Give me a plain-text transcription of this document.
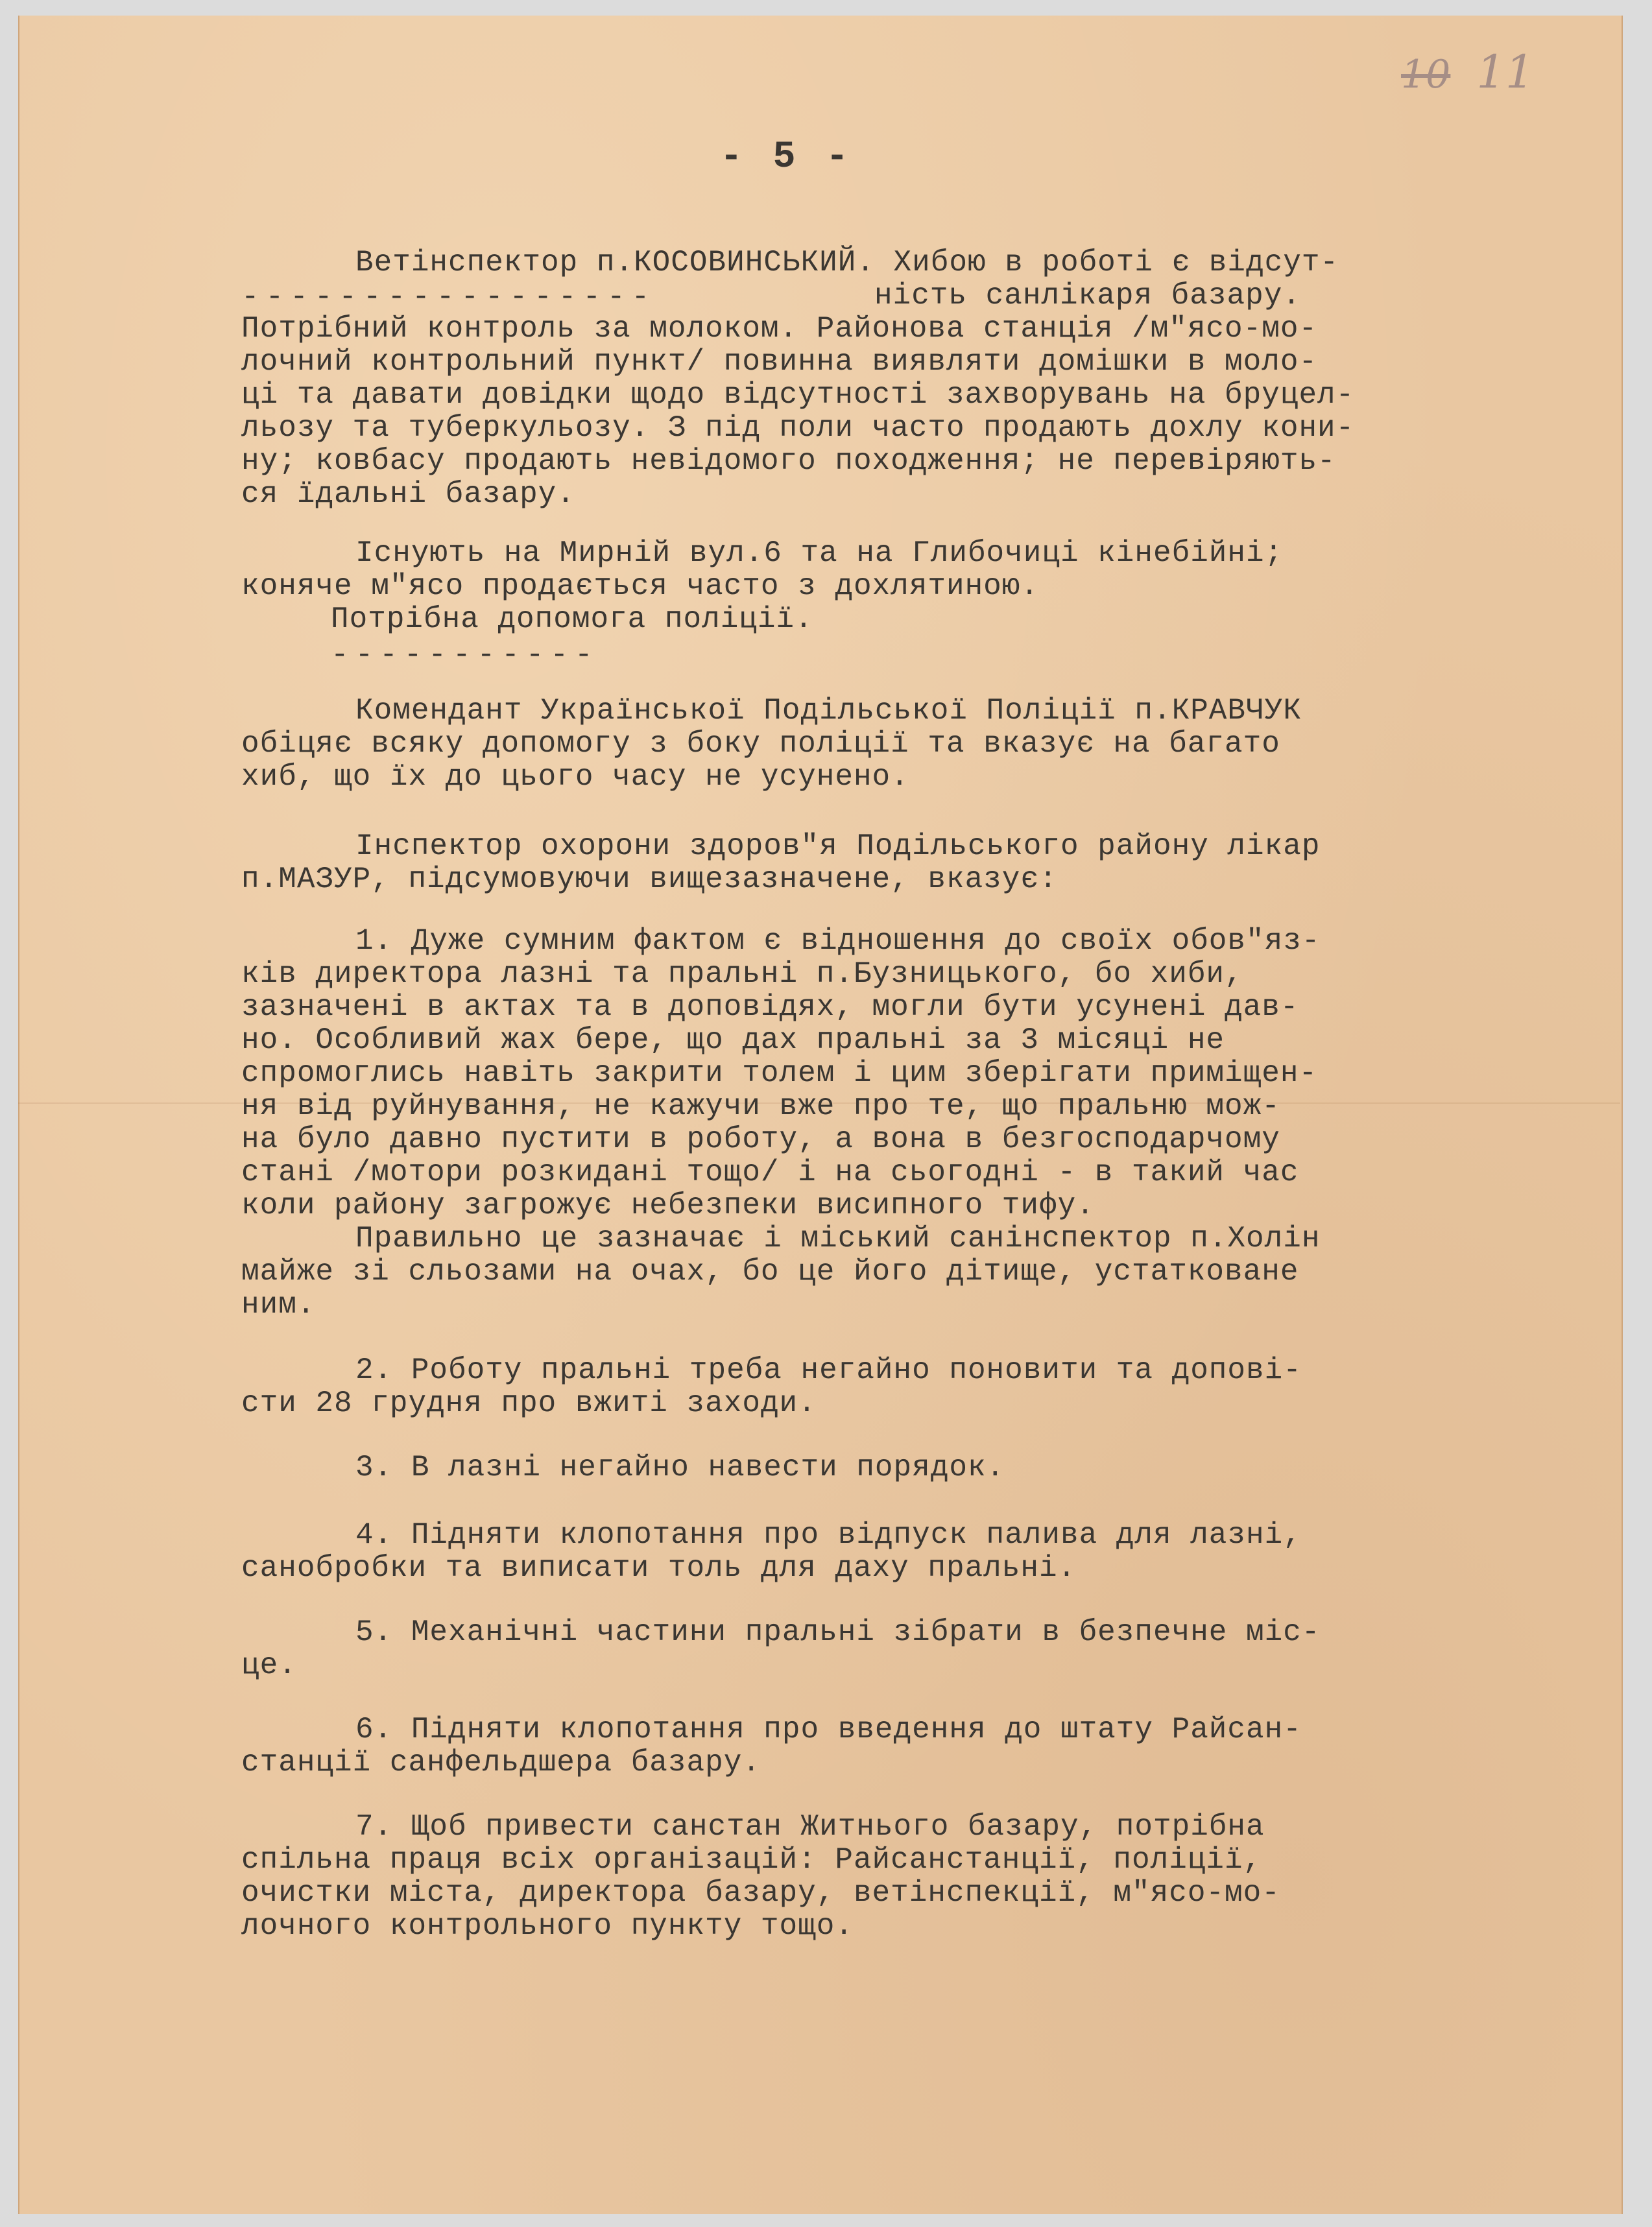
10 11
- 5 -
Ветінспектор п.КОСОВИНСЬКИЙ. Хибою в роботі є відсут-
-----------------	ність санлікаря базару.
Потрібний контроль за молоком. Районова станція /м"ясо-мо-
лочний контрольний пункт/ повинна виявляти домішки в моло-
ці та давати довідки щодо відсутності захворувань на бруцел-
льозу та туберкульозу. З під поли часто продають дохлу кони-
ну; ковбасу продають невідомого походження; не перевіряють-
ся їдальні базару.
Існують на Мирній вул.6 та на Глибочиці кінебійні;
коняче м"ясо продається часто з дохлятиною.
Потрібна допомога поліції.
-----------
Комендант Української Подільської Поліції п.КРАВЧУК
обіцяє всяку допомогу з боку поліції та вказує на багато
хиб, що їх до цього часу не усунено.
Інспектор охорони здоров"я Подільського району лікар
п.МАЗУР, підсумовуючи вищезазначене, вказує:
1. Дуже сумним фактом є відношення до своїх обов"яз-
ків директора лазні та пральні п.Бузницького, бо хиби,
зазначені в актах та в доповідях, могли бути усунені дав-
но. Особливий жах бере, що дах пральні за 3 місяці не
спромоглись навіть закрити толем і цим зберігати приміщен-
ня від руйнування, не кажучи вже про те, що пральню мож-
на було давно пустити в роботу, а вона в безгосподарчому
стані /мотори розкидані тощо/ і на сьогодні - в такий час
коли району загрожує небезпеки висипного тифу.
Правильно це зазначає і міський санінспектор п.Холін
майже зі сльозами на очах, бо це його дітище, устатковане
ним.
2. Роботу пральні треба негайно поновити та доповi-
сти 28 грудня про вжиті заходи.
3. В лазні негайно навести порядок.
4. Підняти клопотання про відпуск палива для лазні,
санобробки та виписати толь для даху пральні.
5. Механічні частини пральні зібрати в безпечне міс-
це.
6. Підняти клопотання про введення до штату Райсан-
станції санфельдшера базару.
7. Щоб привести санстан Житнього базару, потрібна
спільна праця всіх організацій: Райсанстанції, поліції,
очистки міста, директора базару, ветінспекції, м"ясо-мо-
лочного контрольного пункту тощо.
